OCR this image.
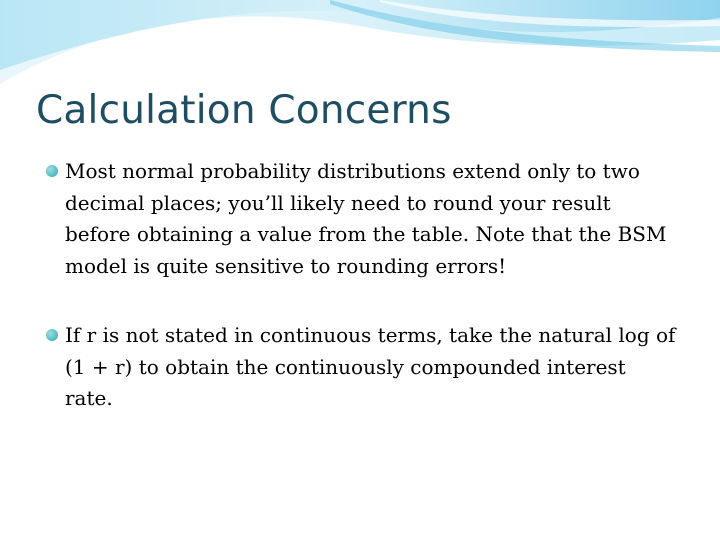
Calculation Concerns
Most normal probability distributions extend only to two decimal places; you’ll likely need to round your result before obtaining a value from the table. Note that the BSM model is quite sensitive to rounding errors!
If r is not stated in continuous terms, take the natural log of (1 + r) to obtain the continuously compounded interest rate.
